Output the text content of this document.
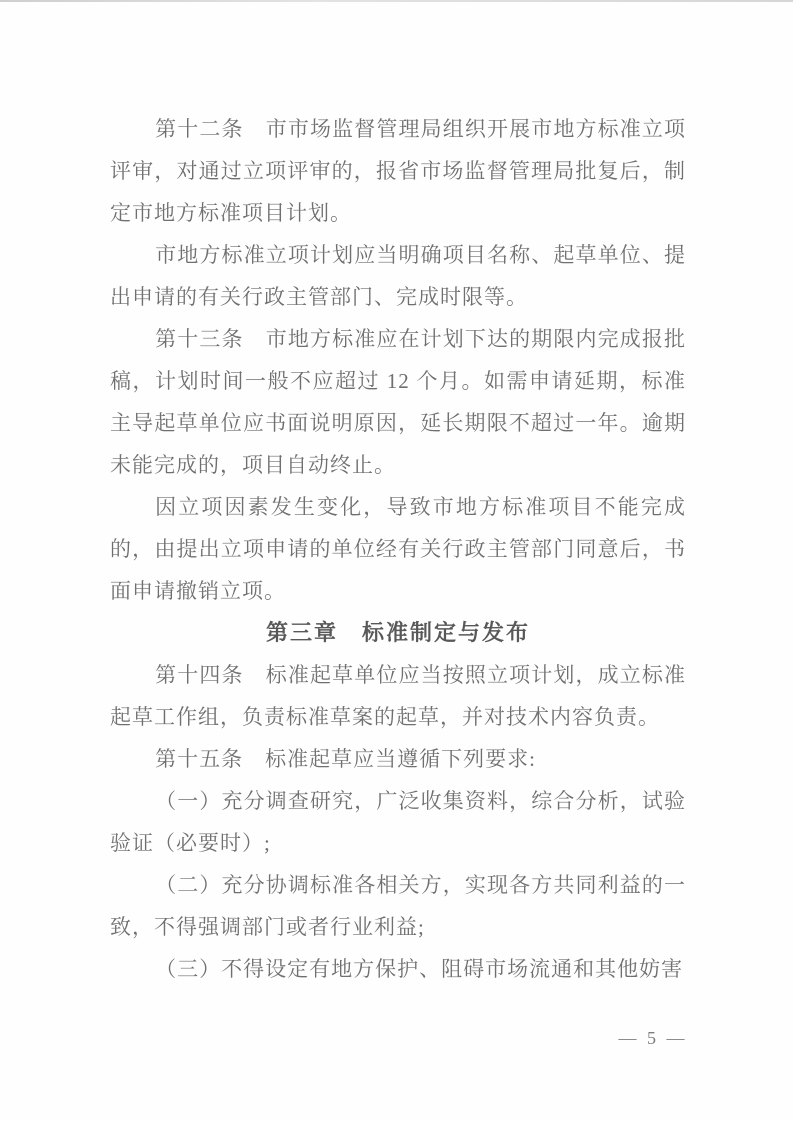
第十二条　市市场监督管理局组织开展市地方标准立项评审，对通过立项评审的，报省市场监督管理局批复后，制定市地方标准项目计划。

市地方标准立项计划应当明确项目名称、起草单位、提出申请的有关行政主管部门、完成时限等。

第十三条　市地方标准应在计划下达的期限内完成报批稿，计划时间一般不应超过 12 个月。如需申请延期，标准主导起草单位应书面说明原因，延长期限不超过一年。逾期未能完成的，项目自动终止。

因立项因素发生变化，导致市地方标准项目不能完成的，由提出立项申请的单位经有关行政主管部门同意后，书面申请撤销立项。

第三章　标准制定与发布

第十四条　标准起草单位应当按照立项计划，成立标准起草工作组，负责标准草案的起草，并对技术内容负责。

第十五条　标准起草应当遵循下列要求:

（一）充分调查研究，广泛收集资料，综合分析，试验验证（必要时）;

（二）充分协调标准各相关方，实现各方共同利益的一致，不得强调部门或者行业利益;

（三）不得设定有地方保护、阻碍市场流通和其他妨害

— 5 —
